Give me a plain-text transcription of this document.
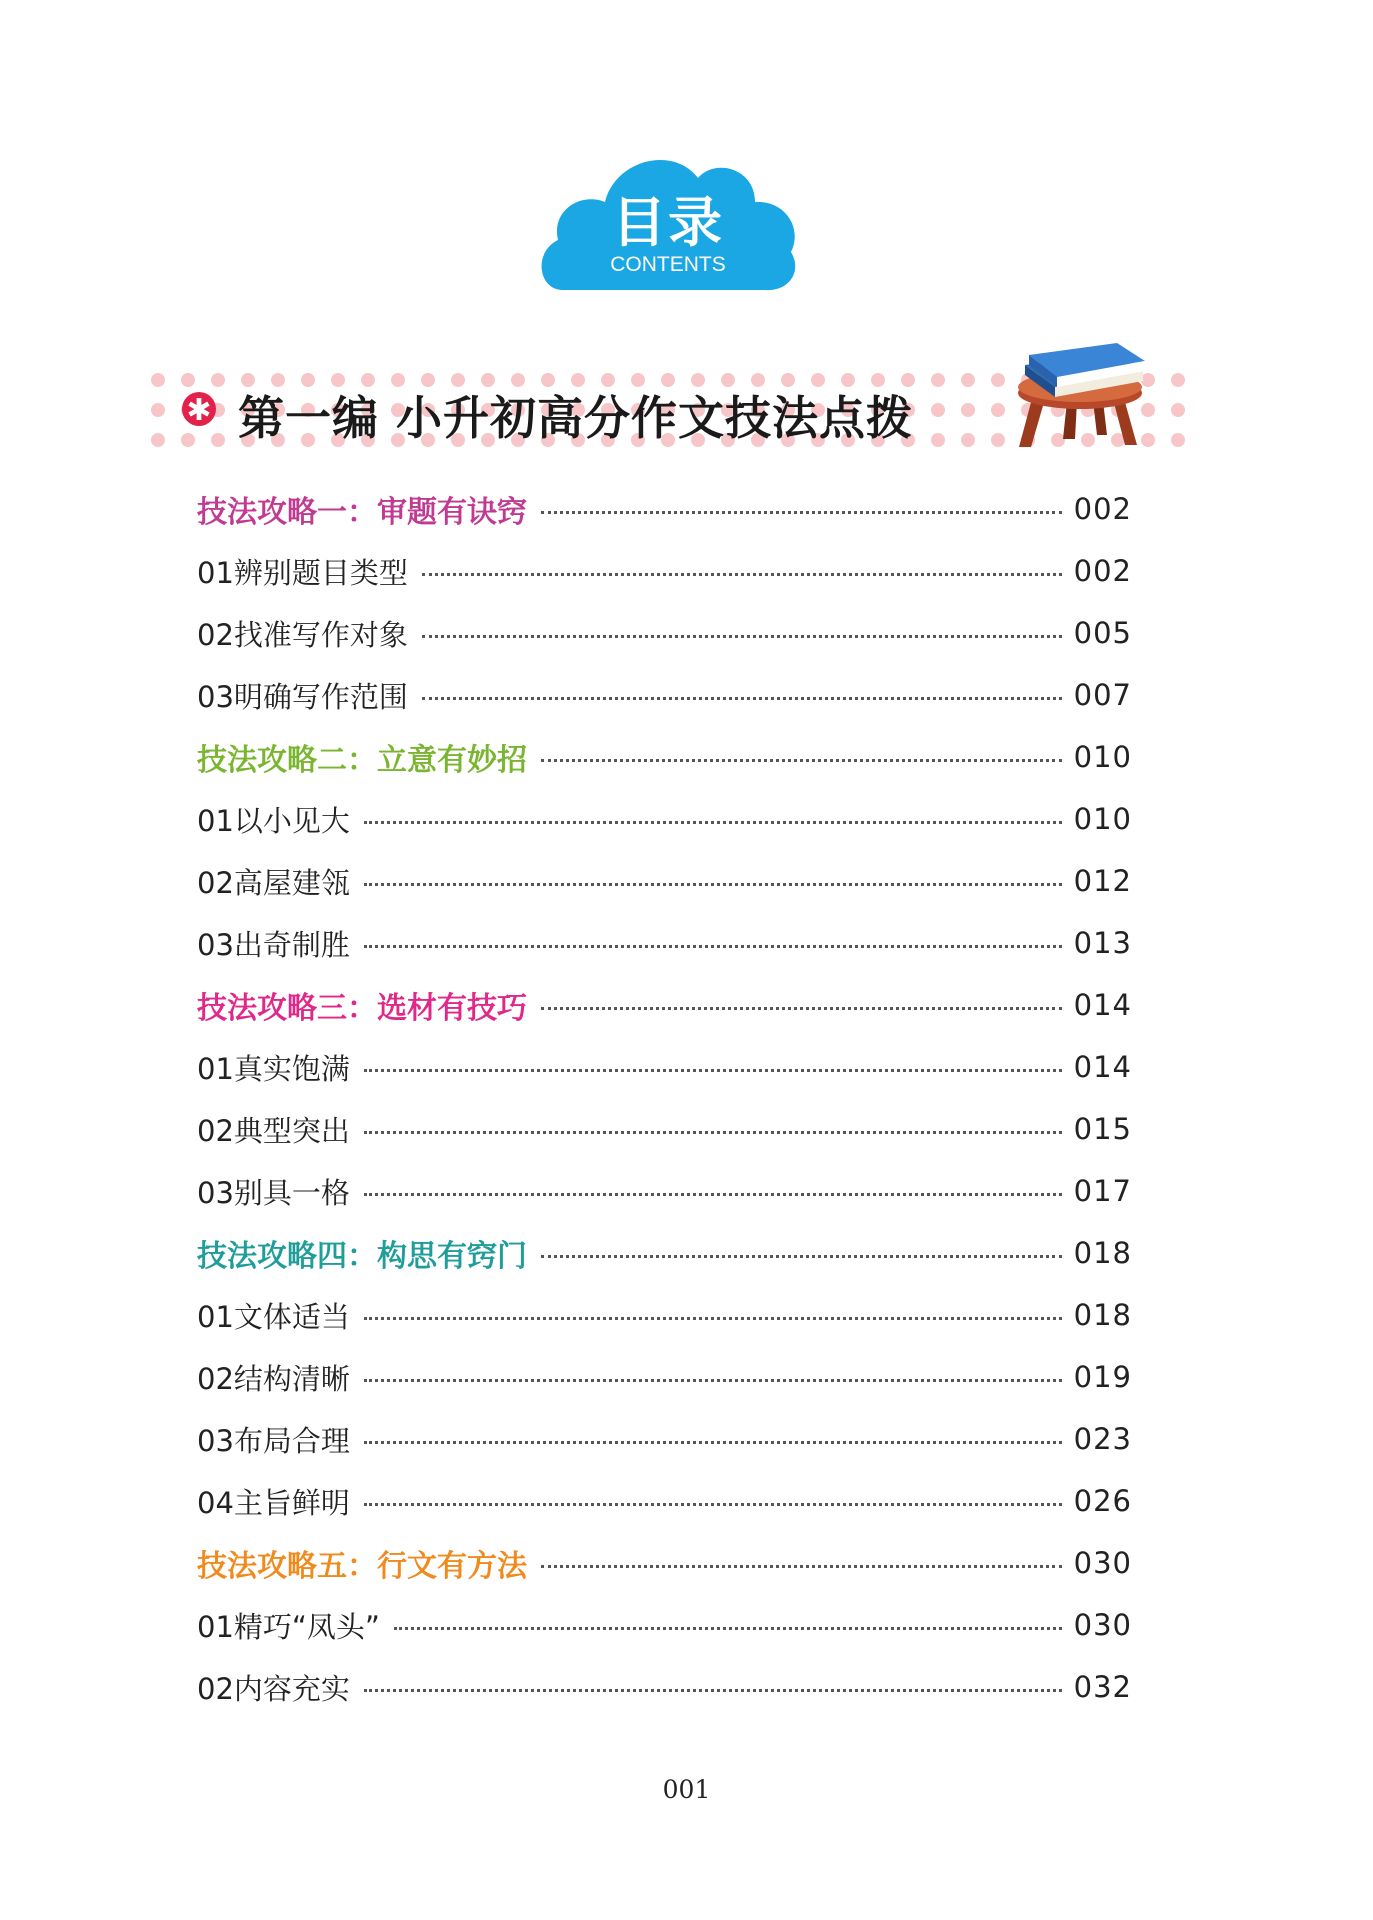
目录
CONTENTS
✱ 第一编 小升初高分作文技法点拨
技法攻略一：审题有诀窍	002
01辨别题目类型	002
02找准写作对象	005
03明确写作范围	007
技法攻略二：立意有妙招	010
01以小见大	010
02高屋建瓴	012
03出奇制胜	013
技法攻略三：选材有技巧	014
01真实饱满	014
02典型突出	015
03别具一格	017
技法攻略四：构思有窍门	018
01文体适当	018
02结构清晰	019
03布局合理	023
04主旨鲜明	026
技法攻略五：行文有方法	030
01精巧“凤头”	030
02内容充实	032
001
